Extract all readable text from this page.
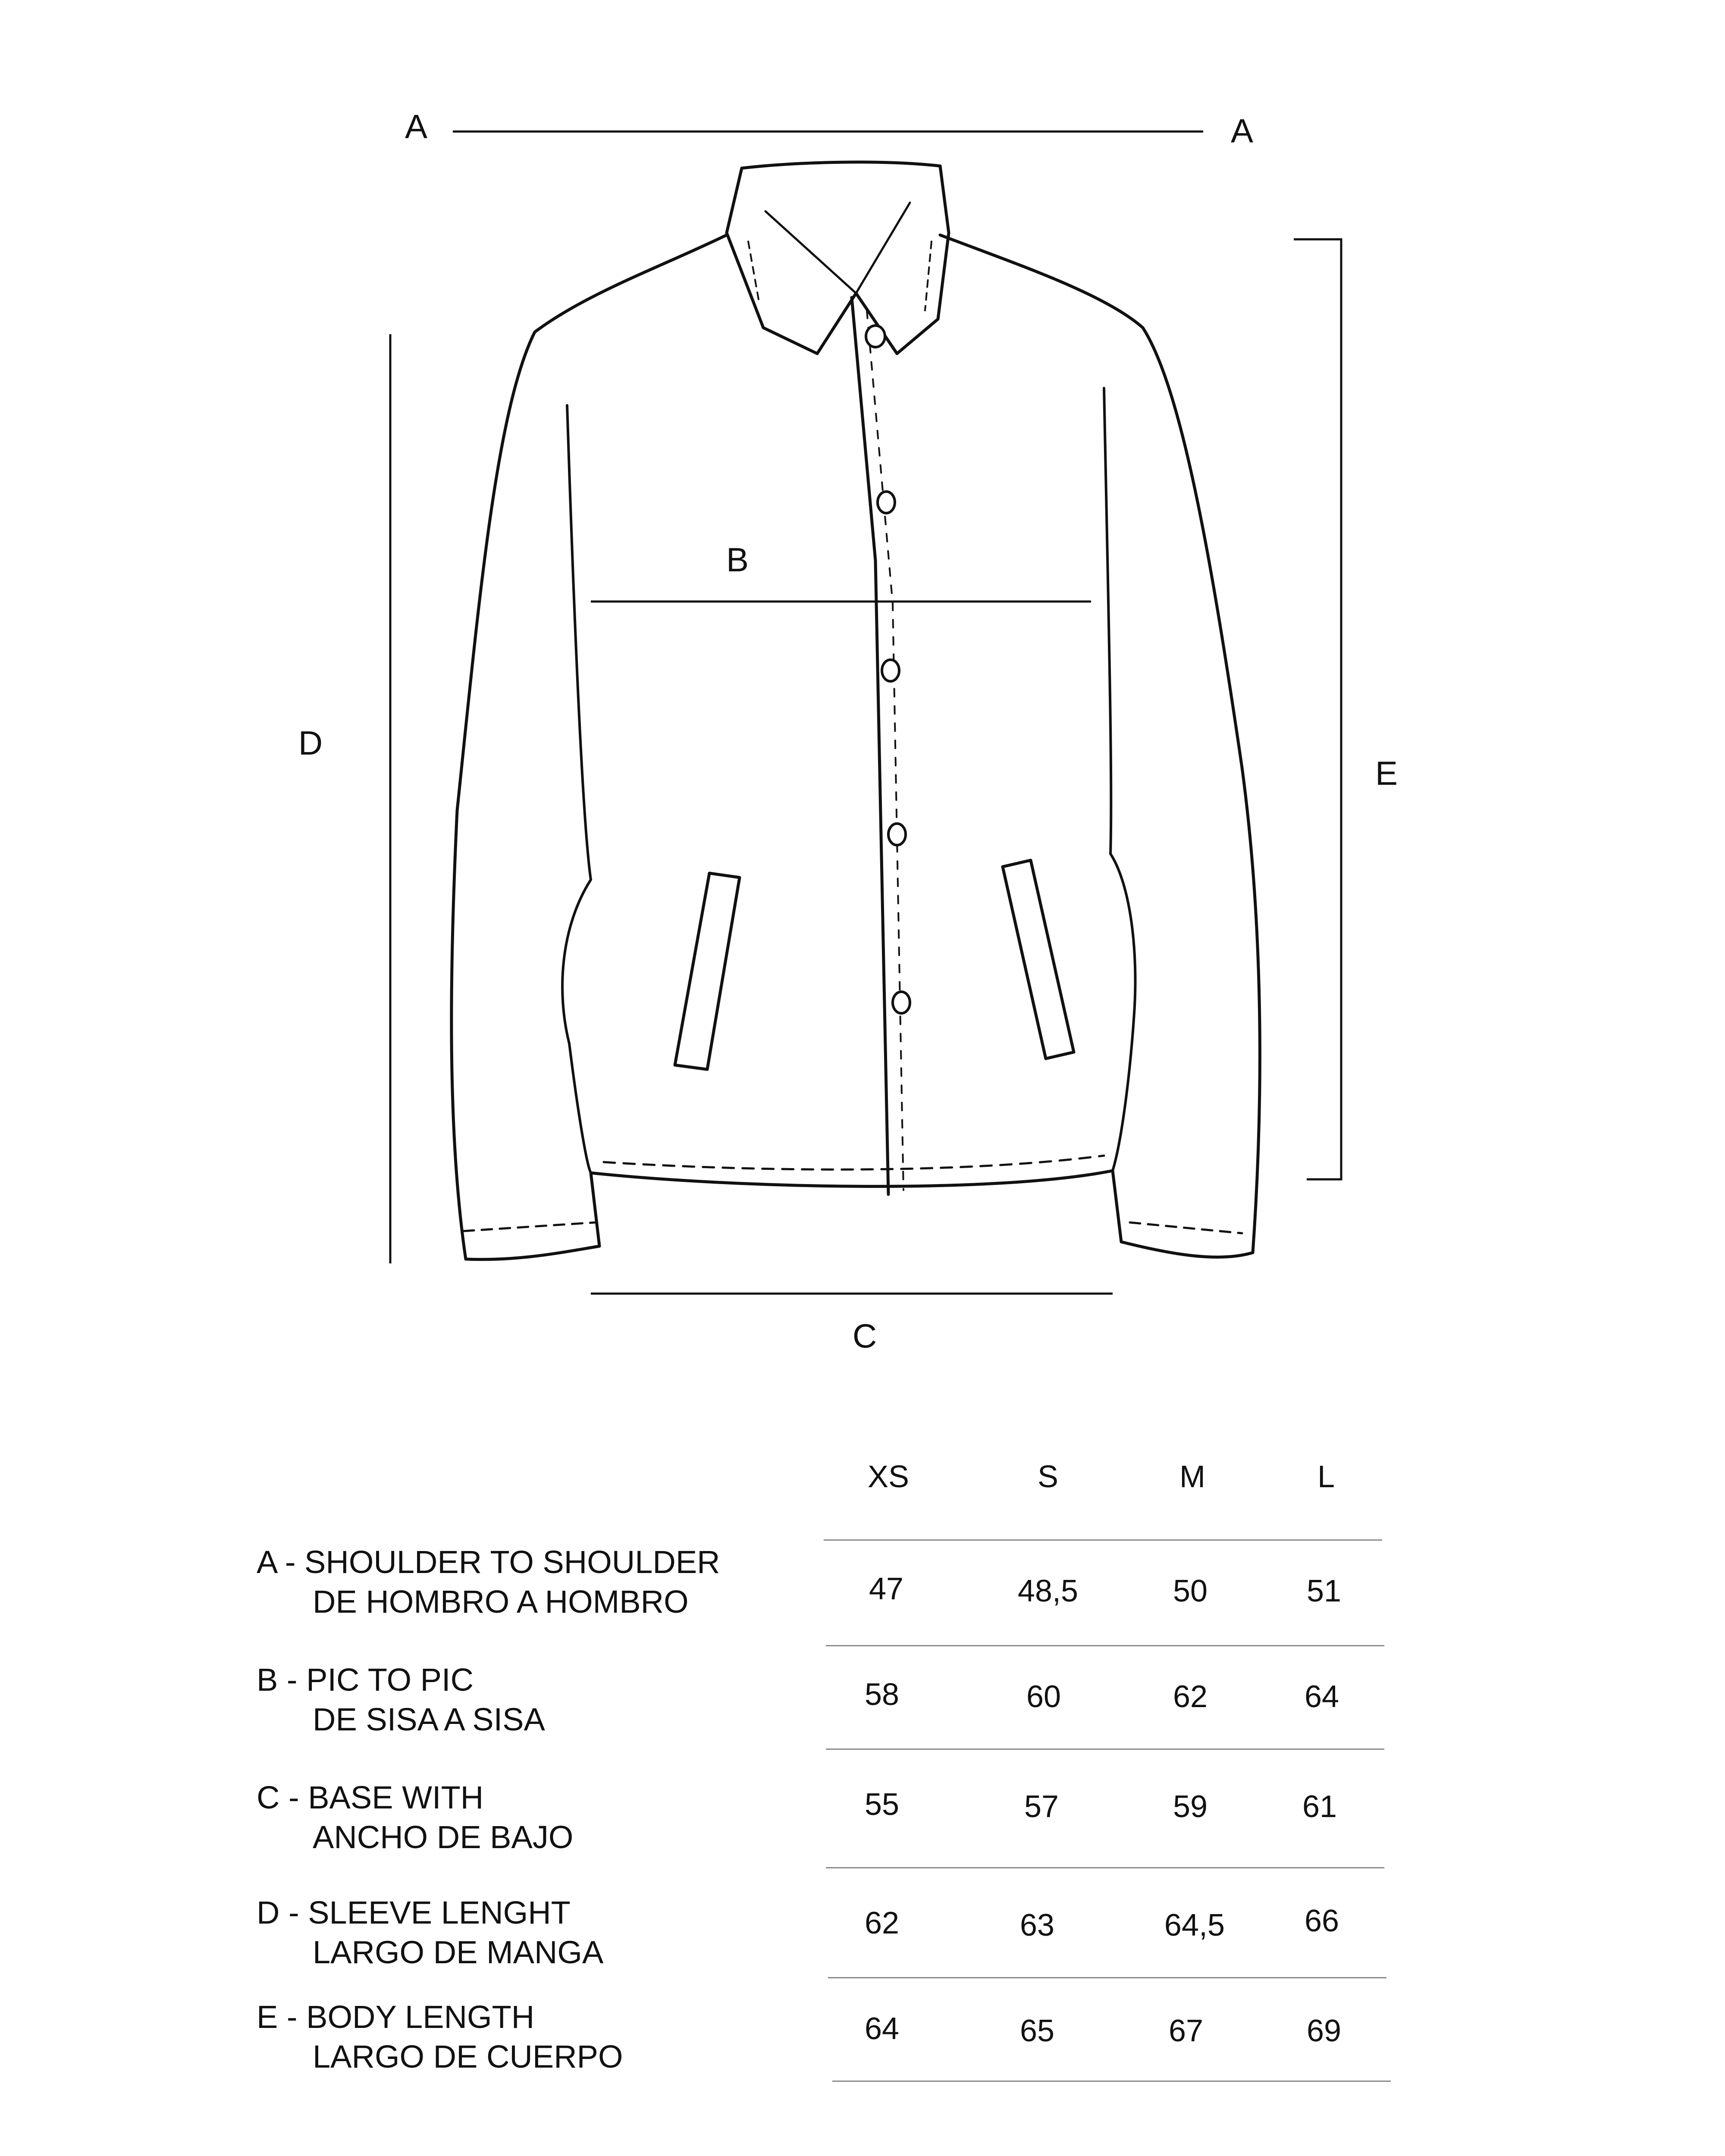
A	A
B
C
D
E
XS	S	M	L
A - SHOULDER TO SHOULDER
DE HOMBRO A HOMBRO	47	48,5	50	51
B - PIC TO PIC
DE SISA A SISA
58	60	62	64
C - BASE WITH
ANCHO DE BAJO
55	57	59	61
D - SLEEVE LENGHT
LARGO DE MANGA
62	63	64,5	66
E - BODY LENGTH
LARGO DE CUERPO
64	65	67	69
